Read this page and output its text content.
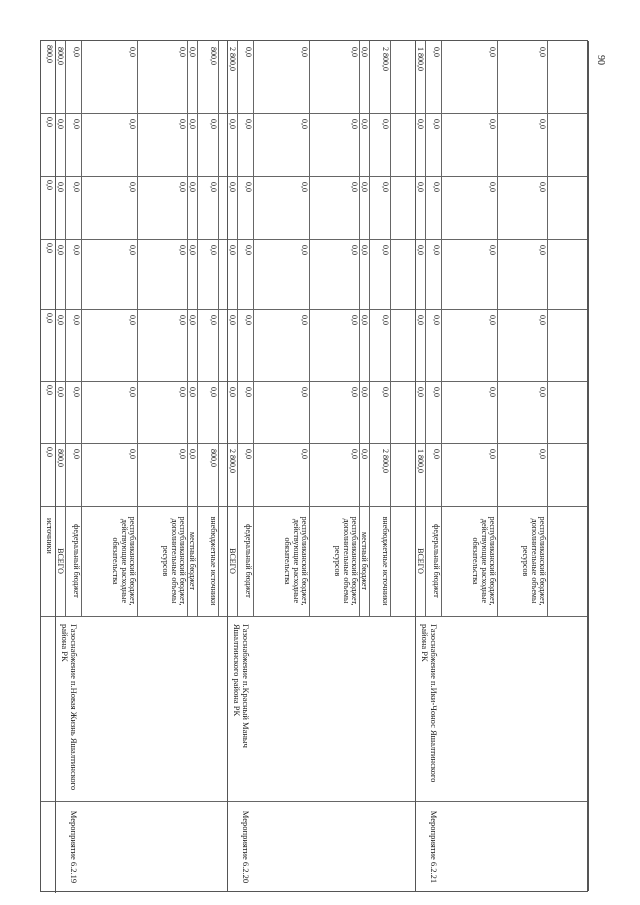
90
источники
800,0
0,0
0,0
0,0
0,0
0,0
0,0
Мероприятие 6.2.19
Газоснабжение п.Новая Жизнь Яшалтинского района РК
ВСЕГО
800,0
0,0
0,0
0,0
0,0
0,0
800,0
федеральный бюджет
0,0
0,0
0,0
0,0
0,0
0,0
0,0
республиканский бюджет, действующие расходные обязательства
0,0
0,0
0,0
0,0
0,0
0,0
0,0
республиканский бюджет, дополнительные объемы ресурсов
0,0
0,0
0,0
0,0
0,0
0,0
0,0
местный бюджет
0,0
0,0
0,0
0,0
0,0
0,0
0,0
внебюджетные источники
800,0
0,0
0,0
0,0
0,0
0,0
800,0
Мероприятие 6.2.20
Газоснабжение п.Красный Маныч Яшалтинского района РК
ВСЕГО
2 800,0
0,0
0,0
0,0
0,0
0,0
2 800,0
федеральный бюджет
0,0
0,0
0,0
0,0
0,0
0,0
0,0
республиканский бюджет, действующие расходные обязательства
0,0
0,0
0,0
0,0
0,0
0,0
0,0
республиканский бюджет, дополнительные объемы ресурсов
0,0
0,0
0,0
0,0
0,0
0,0
0,0
местный бюджет
0,0
0,0
0,0
0,0
0,0
0,0
0,0
внебюджетные источники
2 800,0
0,0
0,0
0,0
0,0
0,0
2 800,0
Мероприятие 6.2.21
Газоснабжение п.Ики-Чонос Яшалтинского района РК
ВСЕГО
1 800,0
0,0
0,0
0,0
0,0
0,0
1 800,0
федеральный бюджет
0,0
0,0
0,0
0,0
0,0
0,0
0,0
республиканский бюджет, действующие расходные обязательства
0,0
0,0
0,0
0,0
0,0
0,0
0,0
республиканский бюджет, дополнительные объемы ресурсов
0,0
0,0
0,0
0,0
0,0
0,0
0,0
